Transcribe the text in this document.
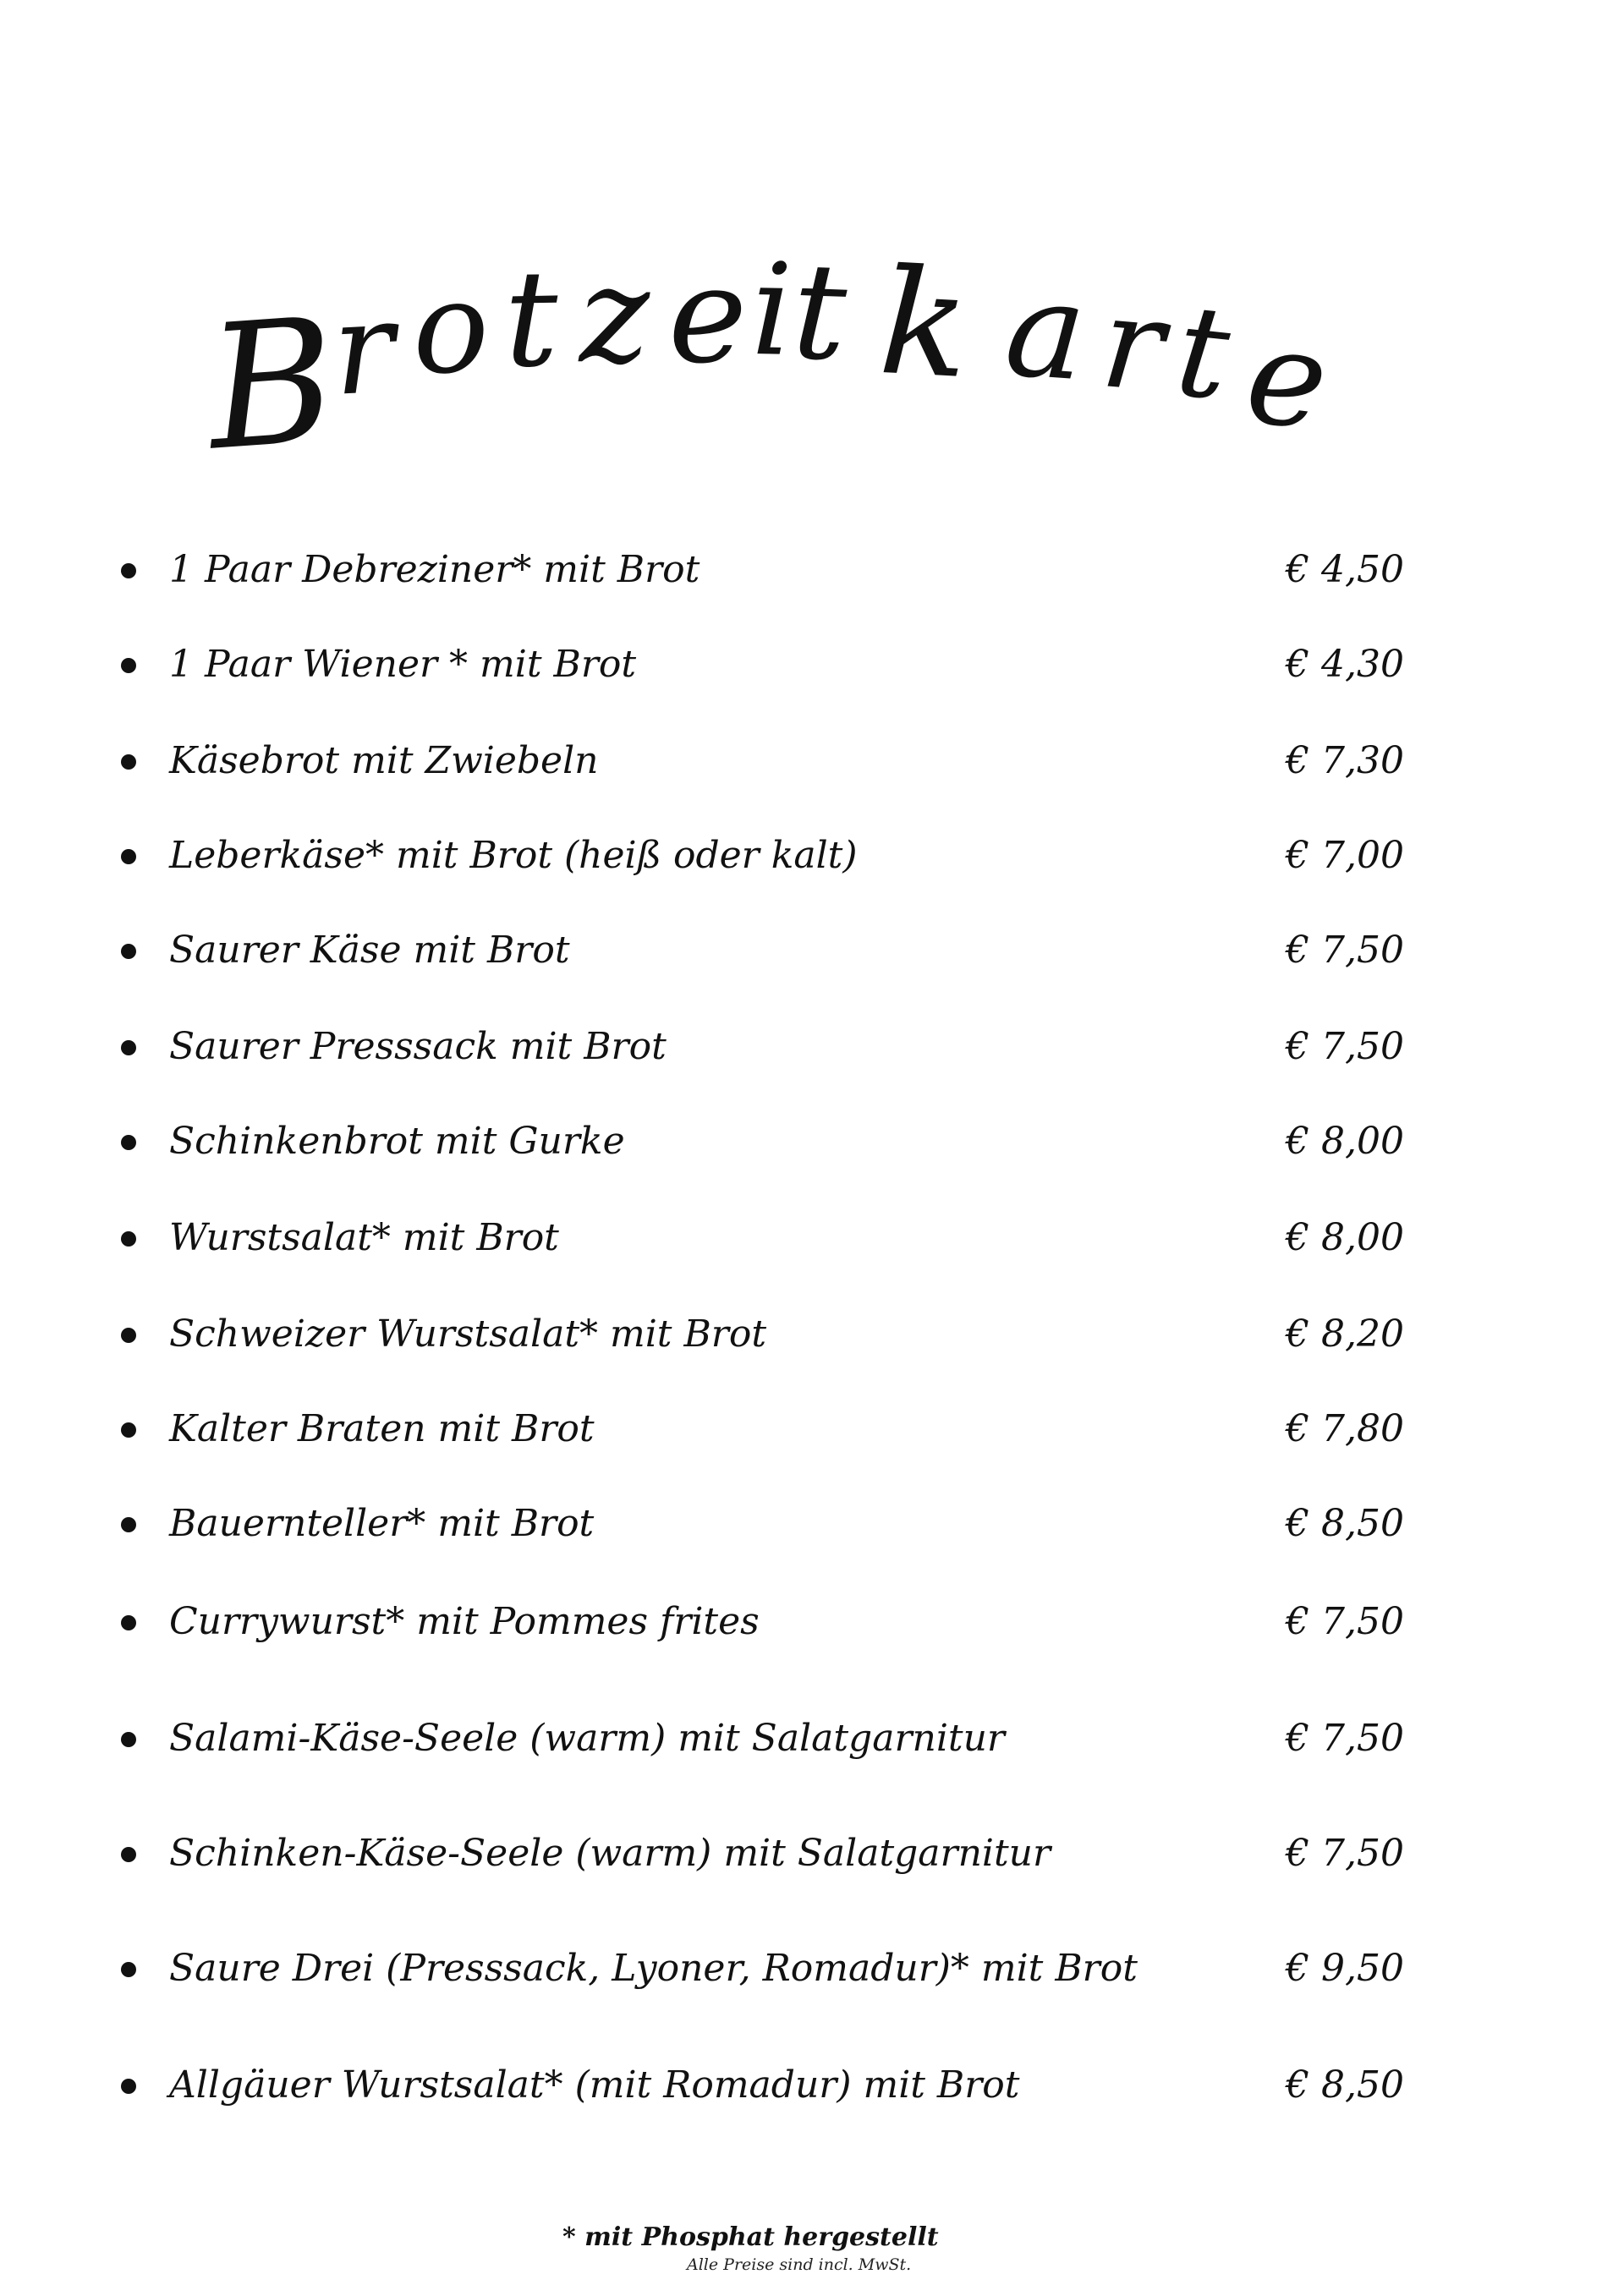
B
r o t z e i
t k a r t e
1 Paar Debreziner* mit Brot	€ 4,50
1 Paar Wiener * mit Brot	€ 4,30
Käsebrot mit Zwiebeln	€ 7,30
Leberkäse* mit Brot (heiß oder kalt)	€ 7,00
Saurer Käse mit Brot	€ 7,50
Saurer Presssack mit Brot	€ 7,50
Schinkenbrot mit Gurke	€ 8,00
Wurstsalat* mit Brot	€ 8,00
Schweizer Wurstsalat* mit Brot	€ 8,20
Kalter Braten mit Brot	€ 7,80
Bauernteller* mit Brot	€ 8,50
Currywurst* mit Pommes frites	€ 7,50
Salami-Käse-Seele (warm) mit Salatgarnitur	€ 7,50
Schinken-Käse-Seele (warm) mit Salatgarnitur	€ 7,50
Saure Drei (Presssack, Lyoner, Romadur)* mit Brot	€ 9,50
Allgäuer Wurstsalat* (mit Romadur) mit Brot	€ 8,50
* mit Phosphat hergestellt
Alle Preise sind incl. MwSt.
